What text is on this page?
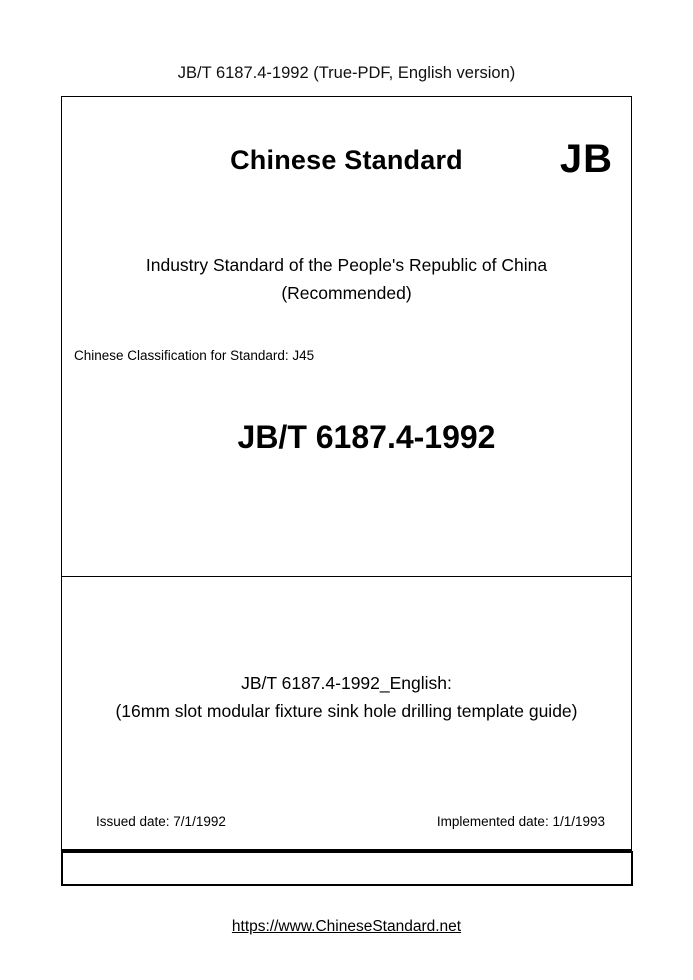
JB/T 6187.4-1992 (True-PDF, English version)
Chinese Standard	JB
Industry Standard of the People's Republic of China
(Recommended)
Chinese Classification for Standard: J45
JB/T 6187.4-1992
JB/T 6187.4-1992_English:
(16mm slot modular fixture sink hole drilling template guide)
Issued date: 7/1/1992	Implemented date: 1/1/1993
https://www.ChineseStandard.net
